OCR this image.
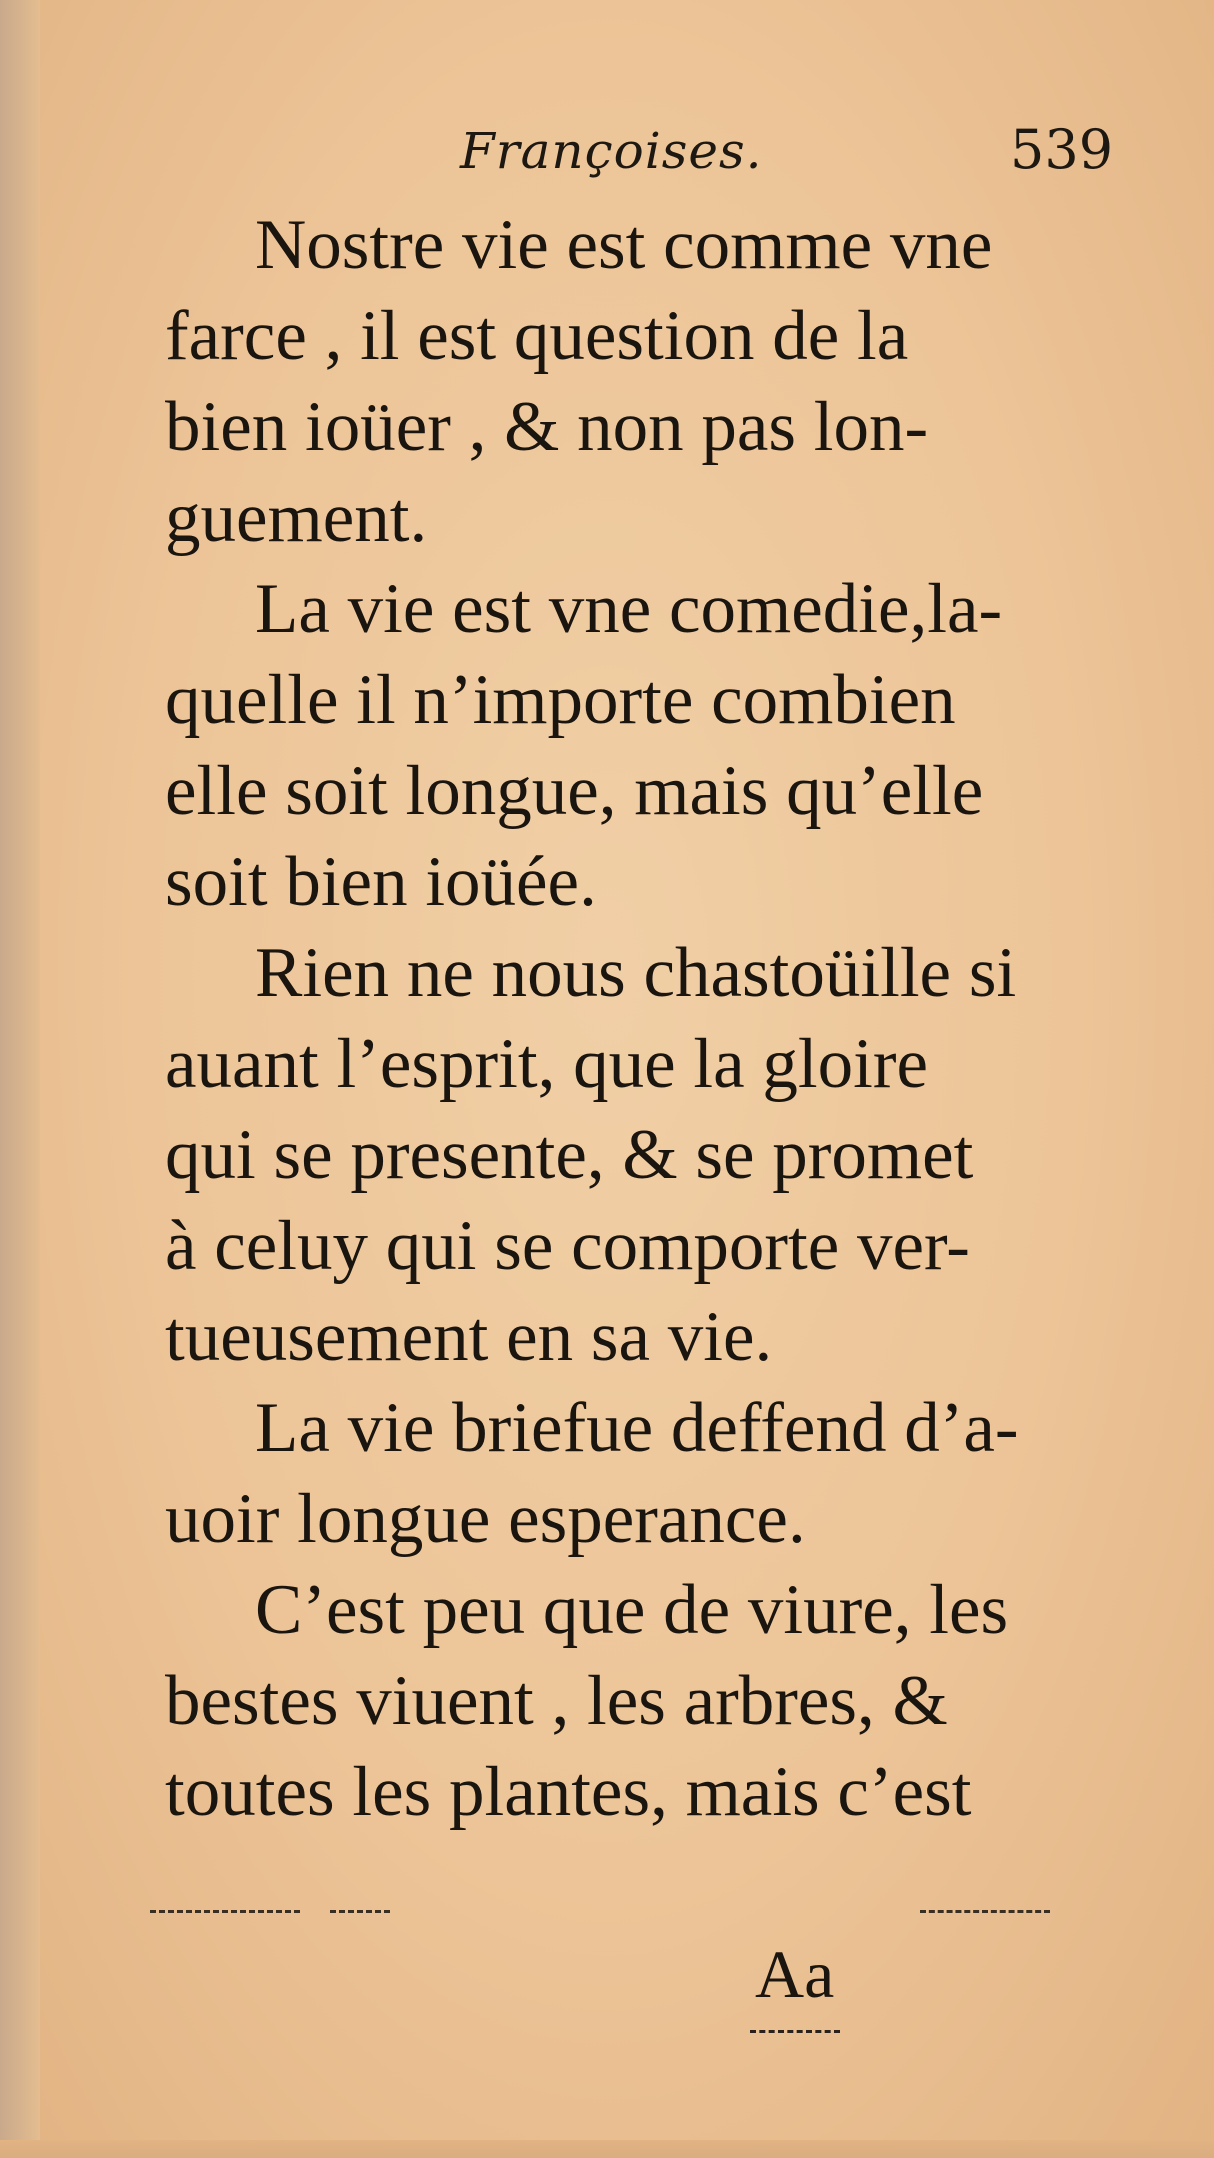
Françoises.	539
Nostre vie est comme vne
farce , il est question de la
bien ioüer , & non pas lon-
guement.
La vie est vne comedie,la-
quelle il n’importe combien
elle soit longue, mais qu’elle
soit bien ioüée.
Rien ne nous chastoüille si
auant l’esprit, que la gloire
qui se presente, & se promet
à celuy qui se comporte ver-
tueusement en sa vie.
La vie briefue deffend d’a-
uoir longue esperance.
C’est peu que de viure, les
bestes viuent , les arbres, &
toutes les plantes, mais c’est
Aa
